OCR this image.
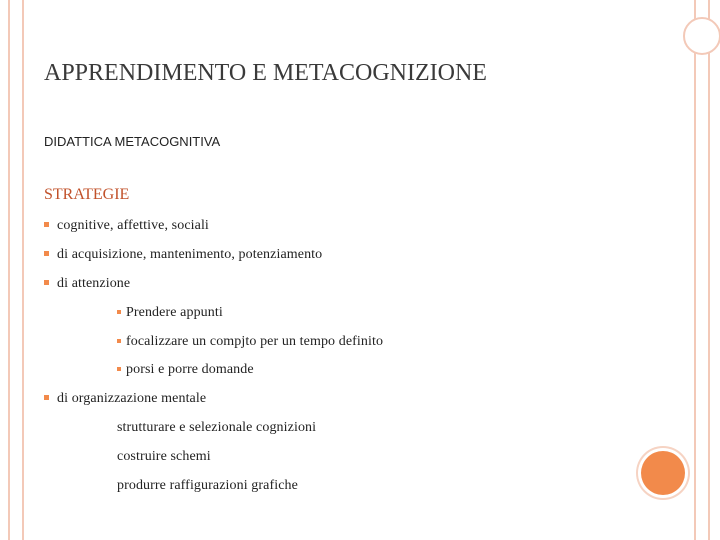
APPRENDIMENTO E METACOGNIZIONE
DIDATTICA METACOGNITIVA
STRATEGIE
cognitive, affettive, sociali
di acquisizione, mantenimento, potenziamento
di attenzione
Prendere appunti
focalizzare un compjto per un tempo definito
porsi e porre domande
di organizzazione mentale
strutturare e selezionale cognizioni
costruire schemi
produrre raffigurazioni grafiche
